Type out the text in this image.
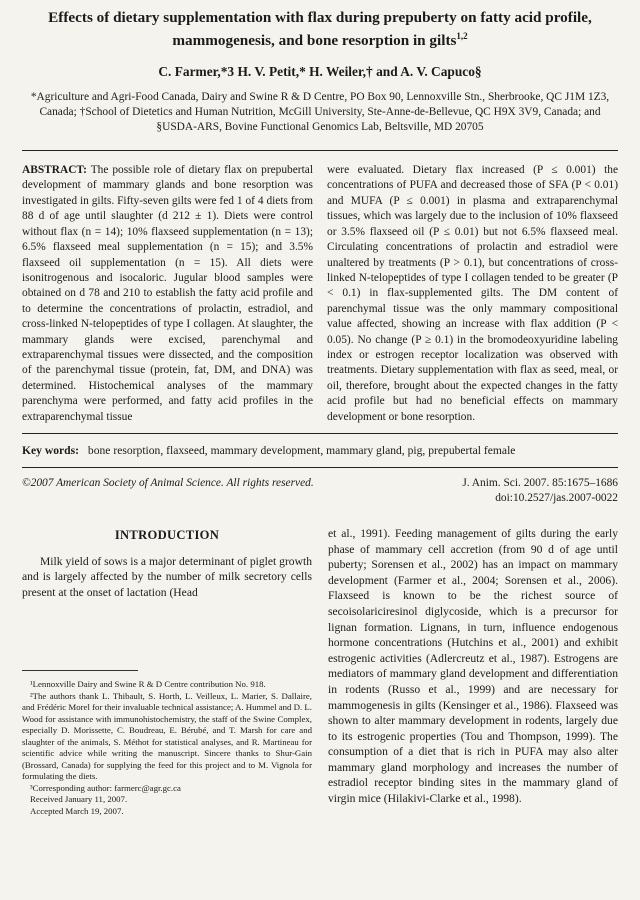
Effects of dietary supplementation with flax during prepuberty on fatty acid profile, mammogenesis, and bone resorption in gilts$^{1,2}$
C. Farmer,*3 H. V. Petit,* H. Weiler,† and A. V. Capuco§
*Agriculture and Agri-Food Canada, Dairy and Swine R & D Centre, PO Box 90, Lennoxville Stn., Sherbrooke, QC J1M 1Z3, Canada; †School of Dietetics and Human Nutrition, McGill University, Ste-Anne-de-Bellevue, QC H9X 3V9, Canada; and §USDA-ARS, Bovine Functional Genomics Lab, Beltsville, MD 20705
ABSTRACT: The possible role of dietary flax on prepubertal development of mammary glands and bone resorption was investigated in gilts. Fifty-seven gilts were fed 1 of 4 diets from 88 d of age until slaughter (d 212 ± 1). Diets were control without flax (n = 14); 10% flaxseed supplementation (n = 13); 6.5% flaxseed meal supplementation (n = 15); and 3.5% flaxseed oil supplementation (n = 15). All diets were isonitrogenous and isocaloric. Jugular blood samples were obtained on d 78 and 210 to establish the fatty acid profile and to determine the concentrations of prolactin, estradiol, and cross-linked N-telopeptides of type I collagen. At slaughter, the mammary glands were excised, parenchymal and extraparenchymal tissues were dissected, and the composition of the parenchymal tissue (protein, fat, DM, and DNA) was determined. Histochemical analyses of the mammary parenchyma were performed, and fatty acid profiles in the extraparenchymal tissue
were evaluated. Dietary flax increased (P ≤ 0.001) the concentrations of PUFA and decreased those of SFA (P < 0.01) and MUFA (P ≤ 0.001) in plasma and extraparenchymal tissues, which was largely due to the inclusion of 10% flaxseed or 3.5% flaxseed oil (P ≤ 0.01) but not 6.5% flaxseed meal. Circulating concentrations of prolactin and estradiol were unaltered by treatments (P > 0.1), but concentrations of cross-linked N-telopeptides of type I collagen tended to be greater (P < 0.1) in flax-supplemented gilts. The DM content of parenchymal tissue was the only mammary compositional value affected, showing an increase with flax addition (P < 0.05). No change (P ≥ 0.1) in the bromodeoxyuridine labeling index or estrogen receptor localization was observed with treatments. Dietary supplementation with flax as seed, meal, or oil, therefore, brought about the expected changes in the fatty acid profile but had no beneficial effects on mammary development or bone resorption.
Key words: bone resorption, flaxseed, mammary development, mammary gland, pig, prepubertal female
©2007 American Society of Animal Science. All rights reserved.	J. Anim. Sci. 2007. 85:1675–1686
doi:10.2527/jas.2007-0022
INTRODUCTION

Milk yield of sows is a major determinant of piglet growth and is largely affected by the number of milk secretory cells present at the onset of lactation (Head

¹Lennoxville Dairy and Swine R & D Centre contribution No. 918.

²The authors thank L. Thibault, S. Horth, L. Veilleux, L. Marier, S. Dallaire, and Frédéric Morel for their invaluable technical assistance; A. Hummel and D. L. Wood for assistance with immunohistochemistry, the staff of the Swine Complex, especially D. Morissette, C. Boudreau, E. Bérubé, and T. Marsh for care and slaughter of the animals, S. Méthot for statistical analyses, and R. Martineau for scientific advice while writing the manuscript. Sincere thanks to Shur-Gain (Brossard, Canada) for supplying the feed for this project and to M. Vignola for formulating the diets.

³Corresponding author: farmerc@agr.gc.ca

Received January 11, 2007.

Accepted March 19, 2007.

et al., 1991). Feeding management of gilts during the early phase of mammary cell accretion (from 90 d of age until puberty; Sorensen et al., 2002) has an impact on mammary development (Farmer et al., 2004; Sorensen et al., 2006). Flaxseed is known to be the richest source of secoisolariciresinol diglycoside, which is a precursor for lignan formation. Lignans, in turn, influence endogenous hormone concentrations (Hutchins et al., 2001) and exhibit estrogenic activities (Adlercreutz et al., 1987). Estrogens are mediators of mammary gland development and differentiation in rodents (Russo et al., 1999) and are necessary for mammogenesis in gilts (Kensinger et al., 1986). Flaxseed was shown to alter mammary development in rodents, largely due to its estrogenic properties (Tou and Thompson, 1999). The consumption of a diet that is rich in PUFA may also alter mammary gland morphology and increases the number of estradiol receptor binding sites in the mammary gland of virgin mice (Hilakivi-Clarke et al., 1998).
